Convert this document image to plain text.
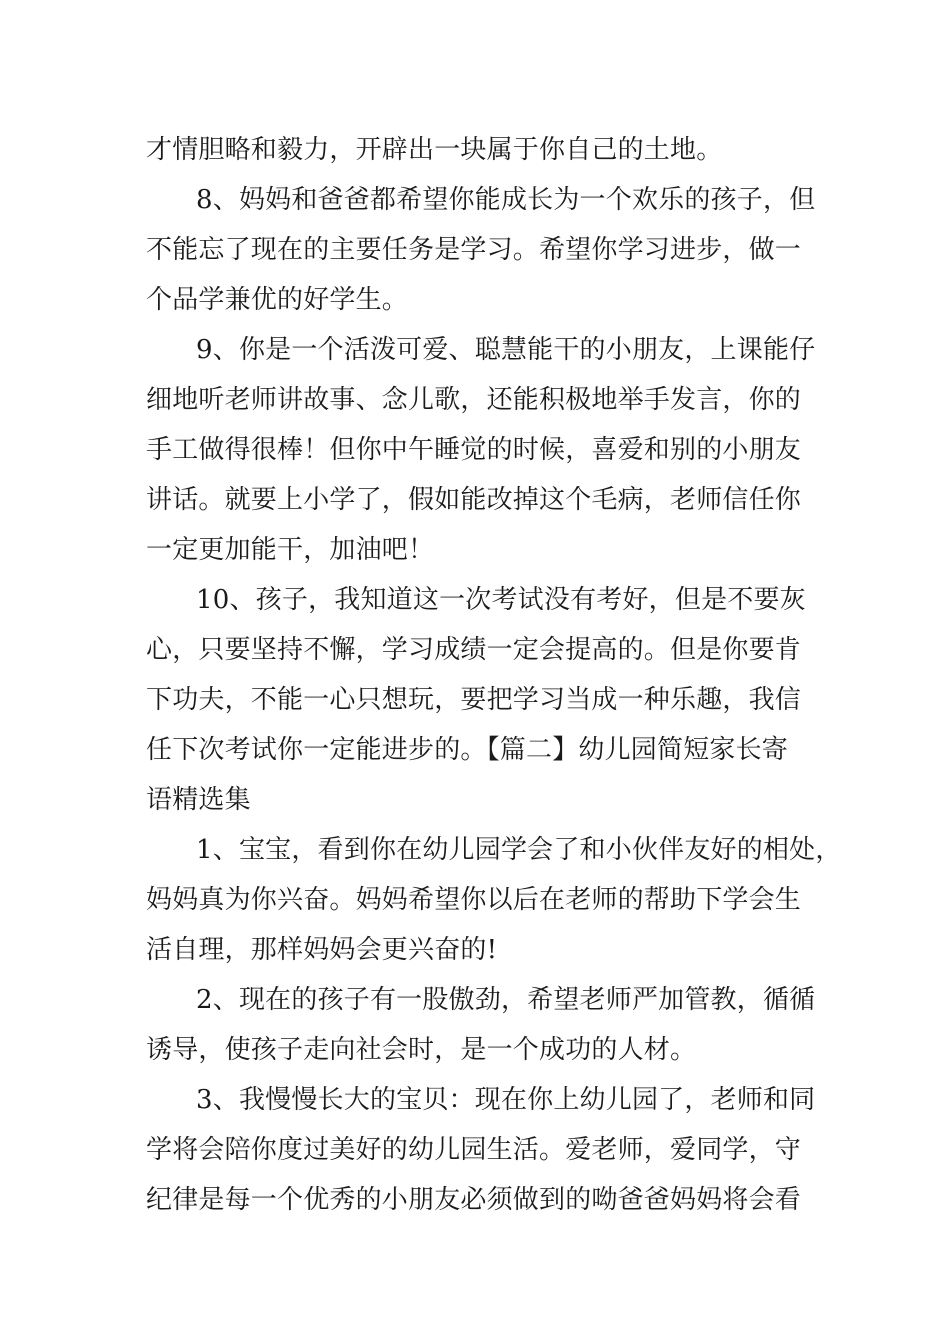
才情胆略和毅力，开辟出一块属于你自己的土地。
8、妈妈和爸爸都希望你能成长为一个欢乐的孩子，但
不能忘了现在的主要任务是学习。希望你学习进步，做一
个品学兼优的好学生。
9、你是一个活泼可爱、聪慧能干的小朋友，上课能仔
细地听老师讲故事、念儿歌，还能积极地举手发言，你的
手工做得很棒！但你中午睡觉的时候，喜爱和别的小朋友
讲话。就要上小学了，假如能改掉这个毛病，老师信任你
一定更加能干，加油吧！
10、孩子，我知道这一次考试没有考好，但是不要灰
心，只要坚持不懈，学习成绩一定会提高的。但是你要肯
下功夫，不能一心只想玩，要把学习当成一种乐趣，我信
任下次考试你一定能进步的。【篇二】幼儿园简短家长寄
语精选集
1、宝宝，看到你在幼儿园学会了和小伙伴友好的相处，
妈妈真为你兴奋。妈妈希望你以后在老师的帮助下学会生
活自理，那样妈妈会更兴奋的!
2、现在的孩子有一股傲劲，希望老师严加管教，循循
诱导，使孩子走向社会时，是一个成功的人材。
3、我慢慢长大的宝贝：现在你上幼儿园了，老师和同
学将会陪你度过美好的幼儿园生活。爱老师，爱同学，守
纪律是每一个优秀的小朋友必须做到的呦爸爸妈妈将会看
